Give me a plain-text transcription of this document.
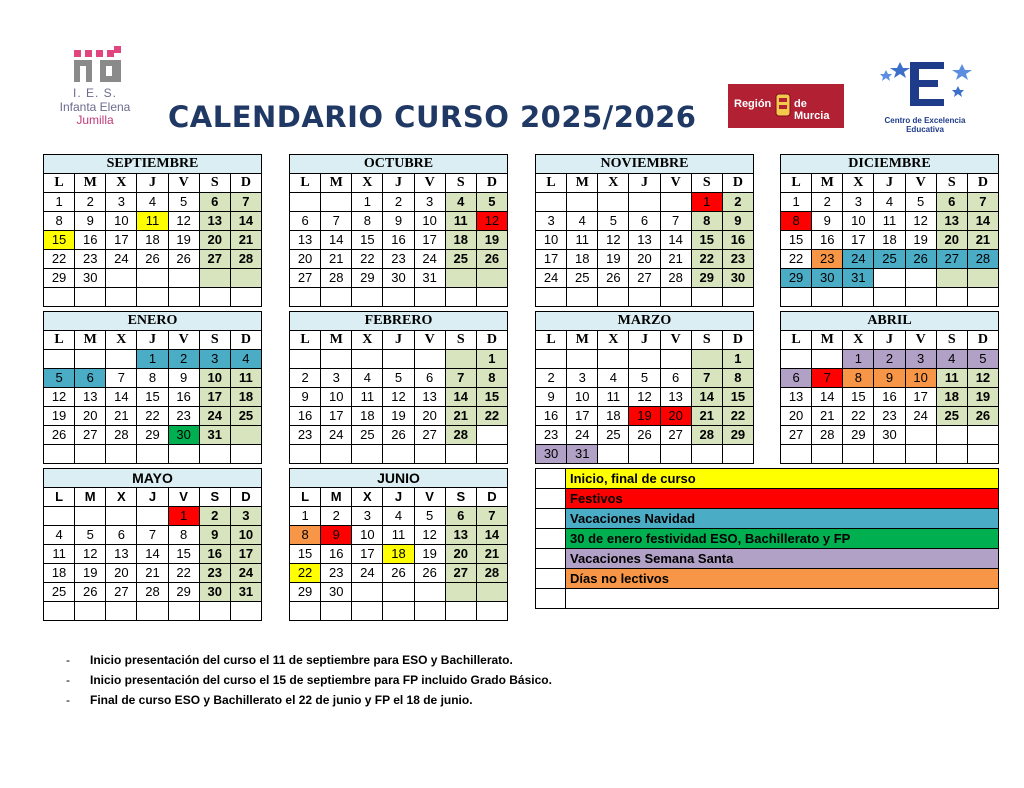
I. E. S.
Infanta Elena
Jumilla	CALENDARIO CURSO 2025/2026	Región de Murcia	Centro de Excelencia Educativa
SEPTIEMBRE						
L	M	X	J	V	S	D
1	2	3	4	5	6	7
8	9	10	11	12	13	14
15	16	17	18	19	20	21
22	23	24	26	26	27	28
29	30					

OCTUBRE						
L	M	X	J	V	S	D
		1	2	3	4	5
6	7	8	9	10	11	12
13	14	15	16	17	18	19
20	21	22	23	24	25	26
27	28	29	30	31		

NOVIEMBRE						
L	M	X	J	V	S	D
					1	2
3	4	5	6	7	8	9
10	11	12	13	14	15	16
17	18	19	20	21	22	23
24	25	26	27	28	29	30

DICIEMBRE						
L	M	X	J	V	S	D
1	2	3	4	5	6	7
8	9	10	11	12	13	14
15	16	17	18	19	20	21
22	23	24	25	26	27	28
29	30	31				

ENERO						
L	M	X	J	V	S	D
			1	2	3	4
5	6	7	8	9	10	11
12	13	14	15	16	17	18
19	20	21	22	23	24	25
26	27	28	29	30	31	

FEBRERO						
L	M	X	J	V	S	D
						1
2	3	4	5	6	7	8
9	10	11	12	13	14	15
16	17	18	19	20	21	22
23	24	25	26	27	28	

MARZO						
L	M	X	J	V	S	D
						1
2	3	4	5	6	7	8
9	10	11	12	13	14	15
16	17	18	19	20	21	22
23	24	25	26	27	28	29
30	31					
ABRIL						
L	M	X	J	V	S	D
		1	2	3	4	5
6	7	8	9	10	11	12
13	14	15	16	17	18	19
20	21	22	23	24	25	26
27	28	29	30			

MAYO						
L	M	X	J	V	S	D
				1	2	3
4	5	6	7	8	9	10
11	12	13	14	15	16	17
18	19	20	21	22	23	24
25	26	27	28	29	30	31

JUNIO						
L	M	X	J	V	S	D
1	2	3	4	5	6	7
8	9	10	11	12	13	14
15	16	17	18	19	20	21
22	23	24	26	26	27	28
29	30					

	Inicio, final de curso
	Festivos
	Vacaciones Navidad
	30 de enero festividad ESO, Bachillerato y FP
	Vacaciones Semana Santa
	Días no lectivos

- Inicio presentación del curso el 11 de septiembre para ESO y Bachillerato.
- Inicio presentación del curso el 15 de septiembre para FP incluido Grado Básico.
- Final de curso ESO y Bachillerato el 22 de junio y FP el 18 de junio.
